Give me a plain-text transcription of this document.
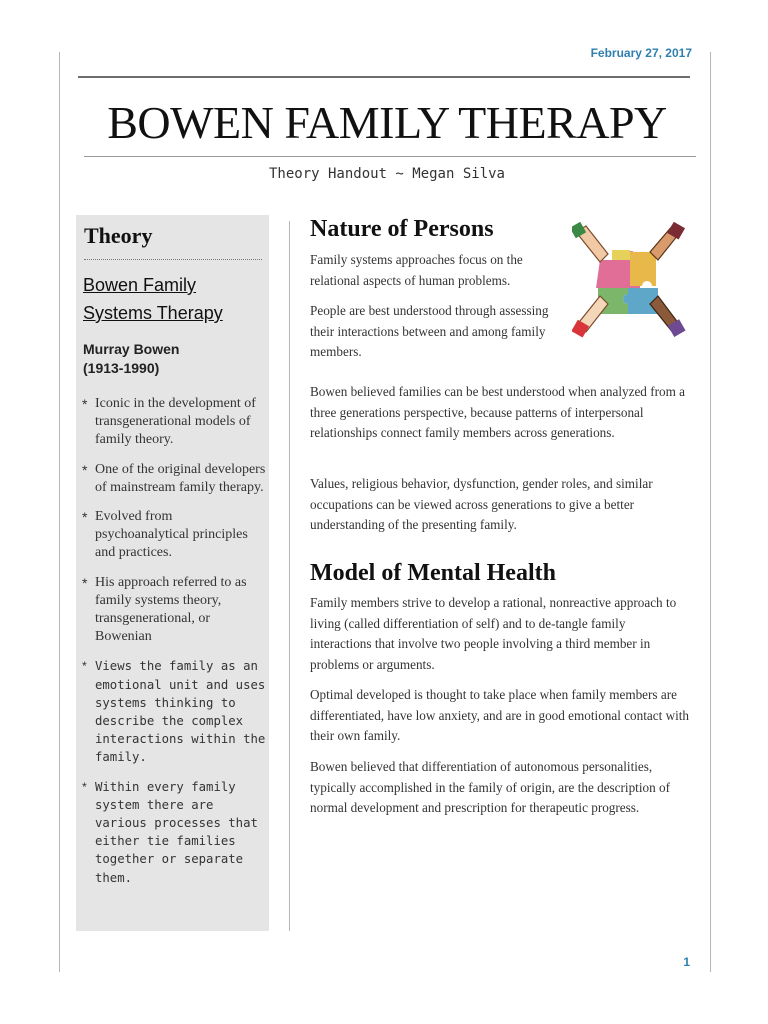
February 27, 2017
BOWEN FAMILY THERAPY
Theory Handout ~ Megan Silva
Theory
Bowen Family Systems Therapy
Murray Bowen
(1913-1990)
* Iconic in the development of transgenerational models of family theory.
* One of the original developers of mainstream family therapy.
* Evolved from psychoanalytical principles and practices.
* His approach referred to as family systems theory, transgenerational, or Bowenian
* Views the family as an emotional unit and uses systems thinking to describe the complex interactions within the family.
* Within every family system there are various processes that either tie families together or separate them.
Nature of Persons
Family systems approaches focus on the relational aspects of human problems.
People are best understood through assessing their interactions between and among family members.
Bowen believed families can be best understood when analyzed from a three generations perspective, because patterns of interpersonal relationships connect family members across generations.
Values, religious behavior, dysfunction, gender roles, and similar occupations can be viewed across generations to give a better understanding of the presenting family.
Model of Mental Health
Family members strive to develop a rational, nonreactive approach to living (called differentiation of self) and to de-tangle family interactions that involve two people involving a third member in problems or arguments.
Optimal developed is thought to take place when family members are differentiated, have low anxiety, and are in good emotional contact with their own family.
Bowen believed that differentiation of autonomous personalities, typically accomplished in the family of origin, are the description of normal development and prescription for therapeutic progress.
1
